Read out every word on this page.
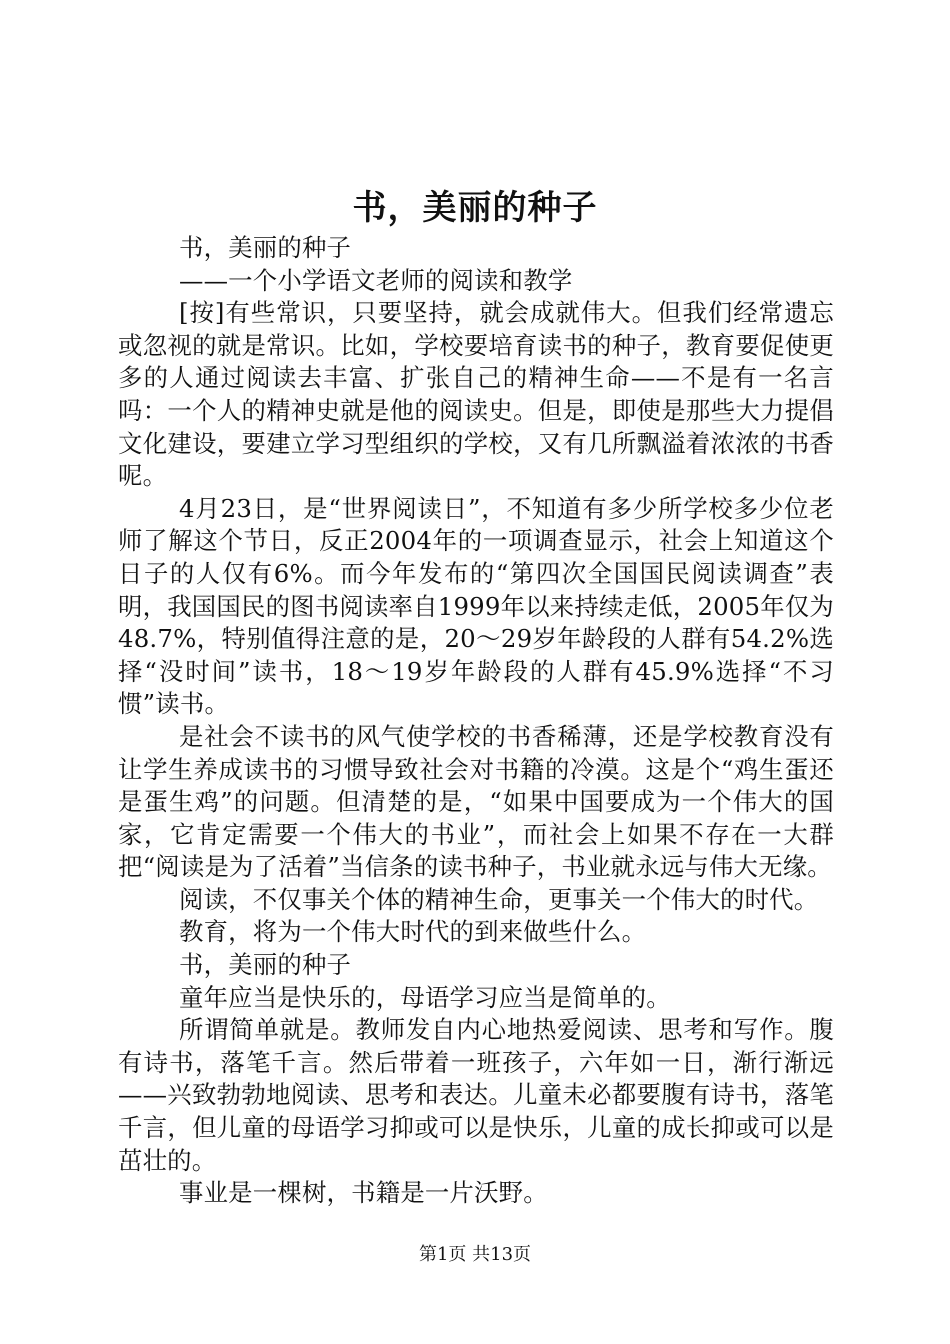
书，美丽的种子

书，美丽的种子

——一个小学语文老师的阅读和教学

[按]有些常识，只要坚持，就会成就伟大。但我们经常遗忘或忽视的就是常识。比如，学校要培育读书的种子，教育要促使更多的人通过阅读去丰富、扩张自己的精神生命——不是有一名言吗：一个人的精神史就是他的阅读史。但是，即使是那些大力提倡文化建设，要建立学习型组织的学校，又有几所飘溢着浓浓的书香呢。

4月23日，是“世界阅读日”，不知道有多少所学校多少位老师了解这个节日，反正2004年的一项调查显示，社会上知道这个日子的人仅有6%。而今年发布的“第四次全国国民阅读调查”表明，我国国民的图书阅读率自1999年以来持续走低，2005年仅为48.7%，特别值得注意的是，20～29岁年龄段的人群有54.2%选择“没时间”读书，18～19岁年龄段的人群有45.9%选择“不习惯”读书。

是社会不读书的风气使学校的书香稀薄，还是学校教育没有让学生养成读书的习惯导致社会对书籍的冷漠。这是个“鸡生蛋还是蛋生鸡”的问题。但清楚的是，“如果中国要成为一个伟大的国家，它肯定需要一个伟大的书业”，而社会上如果不存在一大群把“阅读是为了活着”当信条的读书种子，书业就永远与伟大无缘。

阅读，不仅事关个体的精神生命，更事关一个伟大的时代。

教育，将为一个伟大时代的到来做些什么。

书，美丽的种子

童年应当是快乐的，母语学习应当是简单的。

所谓简单就是。教师发自内心地热爱阅读、思考和写作。腹有诗书，落笔千言。然后带着一班孩子，六年如一日，渐行渐远——兴致勃勃地阅读、思考和表达。儿童未必都要腹有诗书，落笔千言，但儿童的母语学习抑或可以是快乐，儿童的成长抑或可以是茁壮的。

事业是一棵树，书籍是一片沃野。

第1页 共13页
